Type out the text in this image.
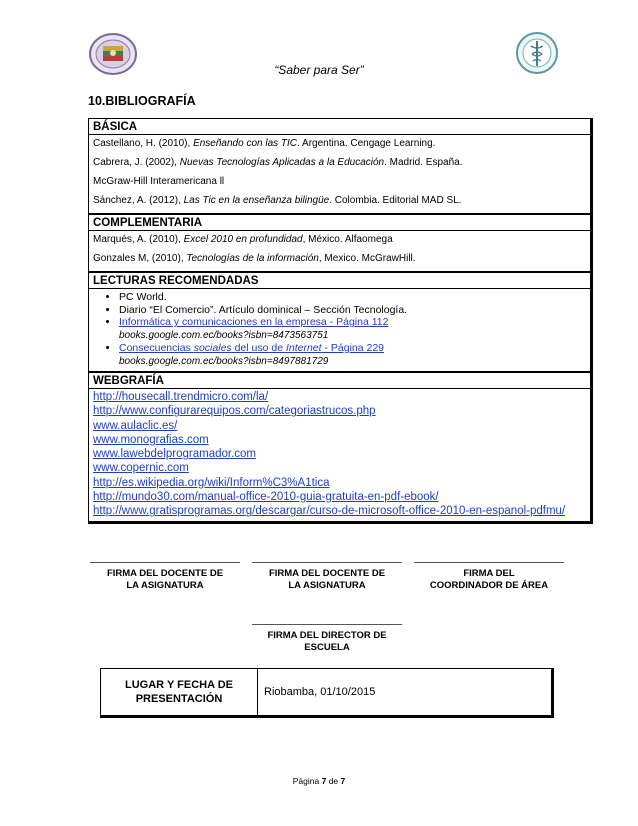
“Saber para Ser”
10.BIBLIOGRAFÍA
BÁSICA
Castellano, H. (2010), Enseñando con las TIC. Argentina. Cengage Learning.
Cabrera, J. (2002), Nuevas Tecnologías Aplicadas a la Educación. Madrid. España.
McGraw-Hill Interamericana ll
Sánchez, A. (2012), Las Tic en la enseñanza bilingüe. Colombia. Editorial MAD SL.
COMPLEMENTARIA
Marqués, A. (2010), Excel 2010 en profundidad, México. Alfaomega
Gonzales M, (2010), Tecnologías de la información, Mexico. McGrawHill.
LECTURAS RECOMENDADAS
• PC World.
• Diario “El Comercio”. Artículo dominical – Sección Tecnología.
• Informática y comunicaciones en la empresa - Página 112
books.google.com.ec/books?isbn=8473563751
• Consecuencias sociales del uso de Internet - Página 229
books.google.com.ec/books?isbn=8497881729
WEBGRAFÍA
http://housecall.trendmicro.com/la/
http://www.configurarequipos.com/categoriastrucos.php
www.aulaclic.es/
www.monografias.com
www.lawebdelprogramador.com
www.copernic.com
http://es.wikipedia.org/wiki/Inform%C3%A1tica
http://mundo30.com/manual-office-2010-guia-gratuita-en-pdf-ebook/
http://www.gratisprogramas.org/descargar/curso-de-microsoft-office-2010-en-espanol-pdfmu/
FIRMA DEL DOCENTE DE
LA ASIGNATURA
FIRMA DEL DOCENTE DE
LA ASIGNATURA
FIRMA DEL
COORDINADOR DE ÁREA
FIRMA DEL DIRECTOR DE
ESCUELA
LUGAR Y FECHA DE
PRESENTACIÓN
Riobamba, 01/10/2015
Página 7 de 7
